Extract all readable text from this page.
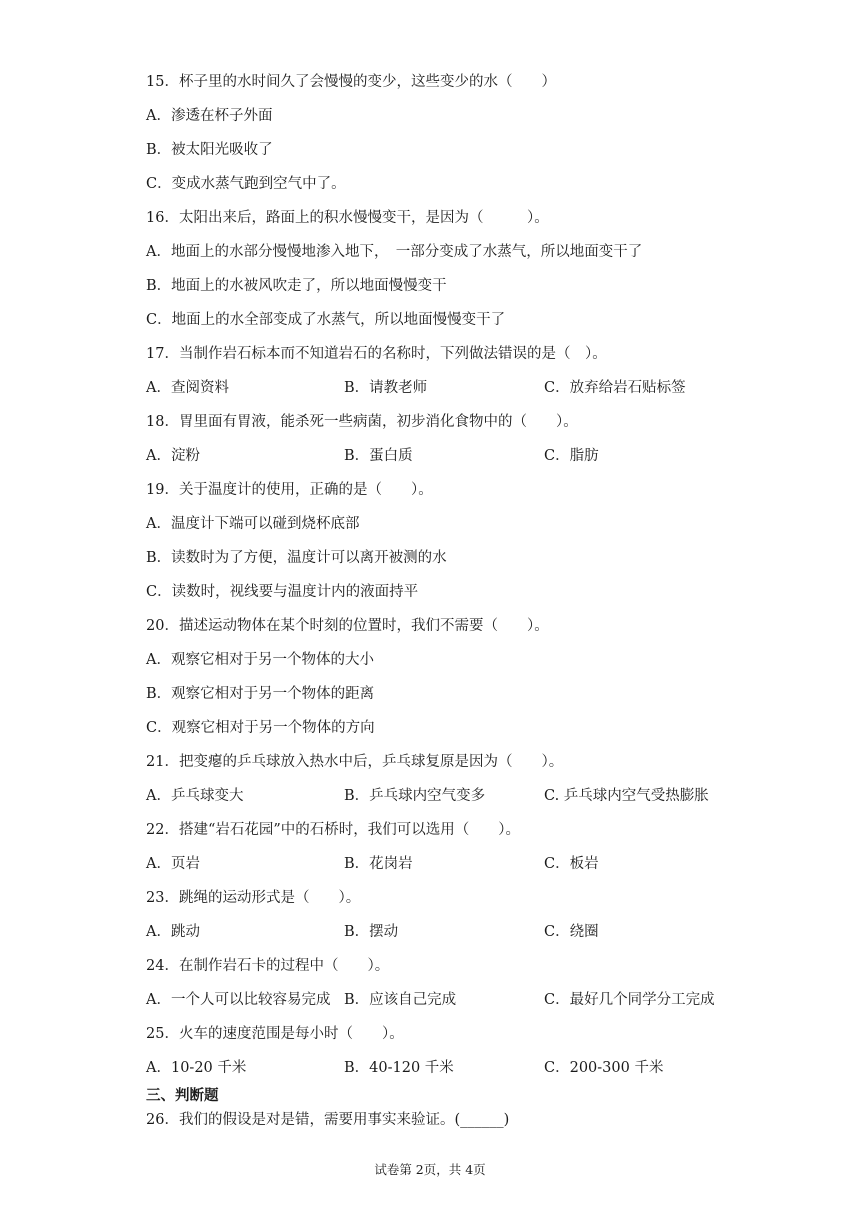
15．杯子里的水时间久了会慢慢的变少，这些变少的水（　　）
A．渗透在杯子外面
B．被太阳光吸收了
C．变成水蒸气跑到空气中了。
16．太阳出来后，路面上的积水慢慢变干，是因为（　　　）。
A．地面上的水部分慢慢地渗入地下，　一部分变成了水蒸气，所以地面变干了
B．地面上的水被风吹走了，所以地面慢慢变干
C．地面上的水全部变成了水蒸气，所以地面慢慢变干了
17．当制作岩石标本而不知道岩石的名称时，下列做法错误的是（　）。
A．查阅资料	B．请教老师	C．放弃给岩石贴标签
18．胃里面有胃液，能杀死一些病菌，初步消化食物中的（　　）。
A．淀粉	B．蛋白质	C．脂肪
19．关于温度计的使用，正确的是（　　）。
A．温度计下端可以碰到烧杯底部
B．读数时为了方便，温度计可以离开被测的水
C．读数时，视线要与温度计内的液面持平
20．描述运动物体在某个时刻的位置时，我们不需要（　　）。
A．观察它相对于另一个物体的大小
B．观察它相对于另一个物体的距离
C．观察它相对于另一个物体的方向
21．把变瘪的乒乓球放入热水中后，乒乓球复原是因为（　　）。
A．乒乓球变大	B．乒乓球内空气变多	C. 乒乓球内空气受热膨胀
22．搭建“岩石花园”中的石桥时，我们可以选用（　　）。
A．页岩	B．花岗岩	C．板岩
23．跳绳的运动形式是（　　）。
A．跳动	B．摆动	C．绕圈
24．在制作岩石卡的过程中（　　）。
A．一个人可以比较容易完成 B．应该自己完成	C．最好几个同学分工完成
25．火车的速度范围是每小时（　　）。
A．10-20 千米	B．40-120 千米	C．200-300 千米
三、判断题
26．我们的假设是对是错，需要用事实来验证。(______)
试卷第 2页，共 4页
